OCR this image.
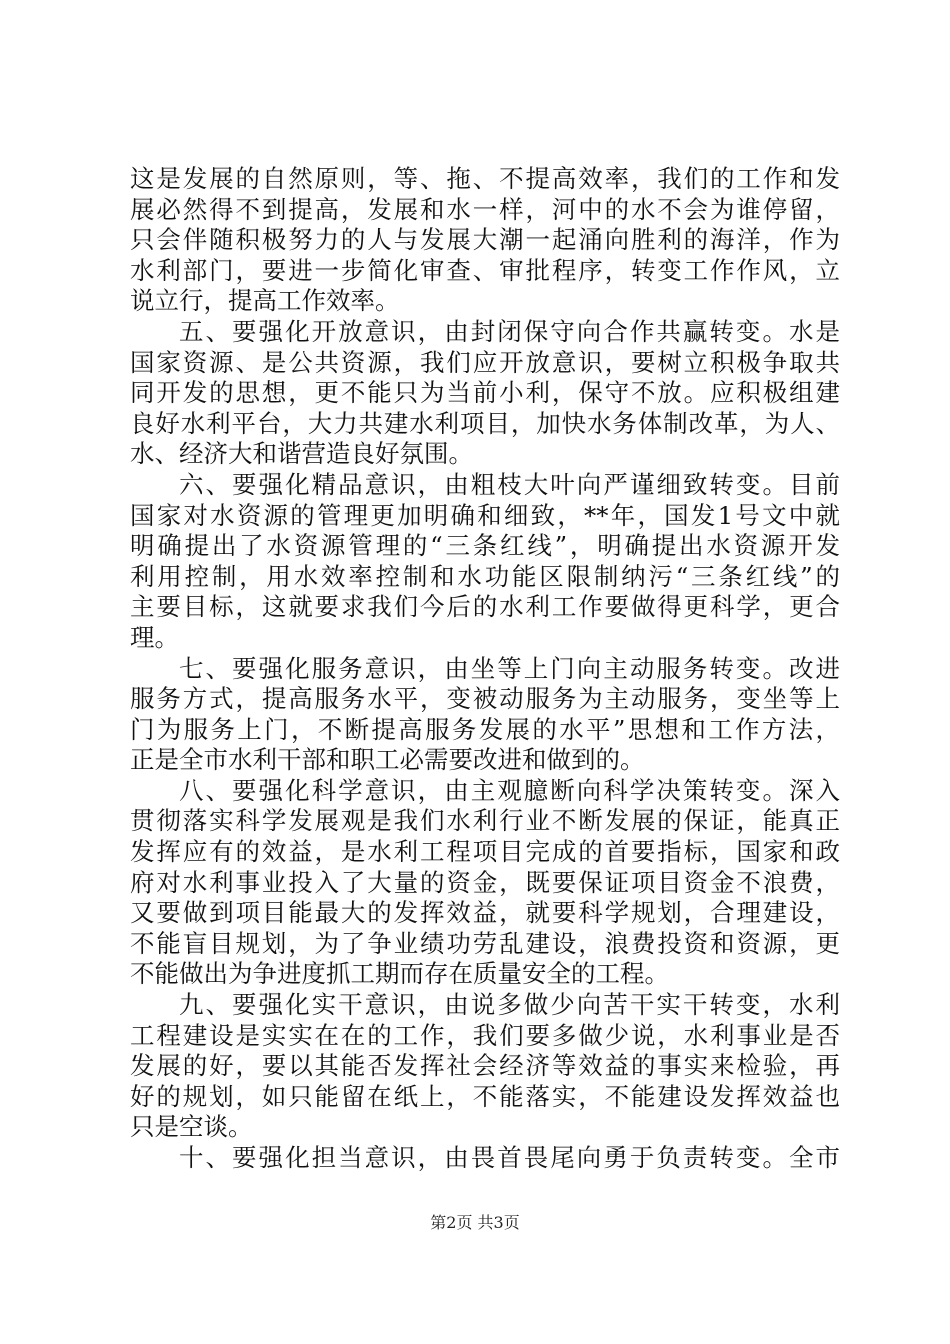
这是发展的自然原则，等、拖、不提高效率，我们的工作和发
展必然得不到提高，发展和水一样，河中的水不会为谁停留，
只会伴随积极努力的人与发展大潮一起涌向胜利的海洋，作为
水利部门，要进一步简化审查、审批程序，转变工作作风，立
说立行，提高工作效率。
五、要强化开放意识，由封闭保守向合作共赢转变。水是
国家资源、是公共资源，我们应开放意识，要树立积极争取共
同开发的思想，更不能只为当前小利，保守不放。应积极组建
良好水利平台，大力共建水利项目，加快水务体制改革，为人、
水、经济大和谐营造良好氛围。
六、要强化精品意识，由粗枝大叶向严谨细致转变。目前
国家对水资源的管理更加明确和细致，**年，国发1号文中就
明确提出了水资源管理的“三条红线”，明确提出水资源开发
利用控制，用水效率控制和水功能区限制纳污“三条红线”的
主要目标，这就要求我们今后的水利工作要做得更科学，更合
理。
七、要强化服务意识，由坐等上门向主动服务转变。改进
服务方式，提高服务水平，变被动服务为主动服务，变坐等上
门为服务上门，不断提高服务发展的水平”思想和工作方法，
正是全市水利干部和职工必需要改进和做到的。
八、要强化科学意识，由主观臆断向科学决策转变。深入
贯彻落实科学发展观是我们水利行业不断发展的保证，能真正
发挥应有的效益，是水利工程项目完成的首要指标，国家和政
府对水利事业投入了大量的资金，既要保证项目资金不浪费，
又要做到项目能最大的发挥效益，就要科学规划，合理建设，
不能盲目规划，为了争业绩功劳乱建设，浪费投资和资源，更
不能做出为争进度抓工期而存在质量安全的工程。
九、要强化实干意识，由说多做少向苦干实干转变，水利
工程建设是实实在在的工作，我们要多做少说，水利事业是否
发展的好，要以其能否发挥社会经济等效益的事实来检验，再
好的规划，如只能留在纸上，不能落实，不能建设发挥效益也
只是空谈。
十、要强化担当意识，由畏首畏尾向勇于负责转变。全市
第2页 共3页
